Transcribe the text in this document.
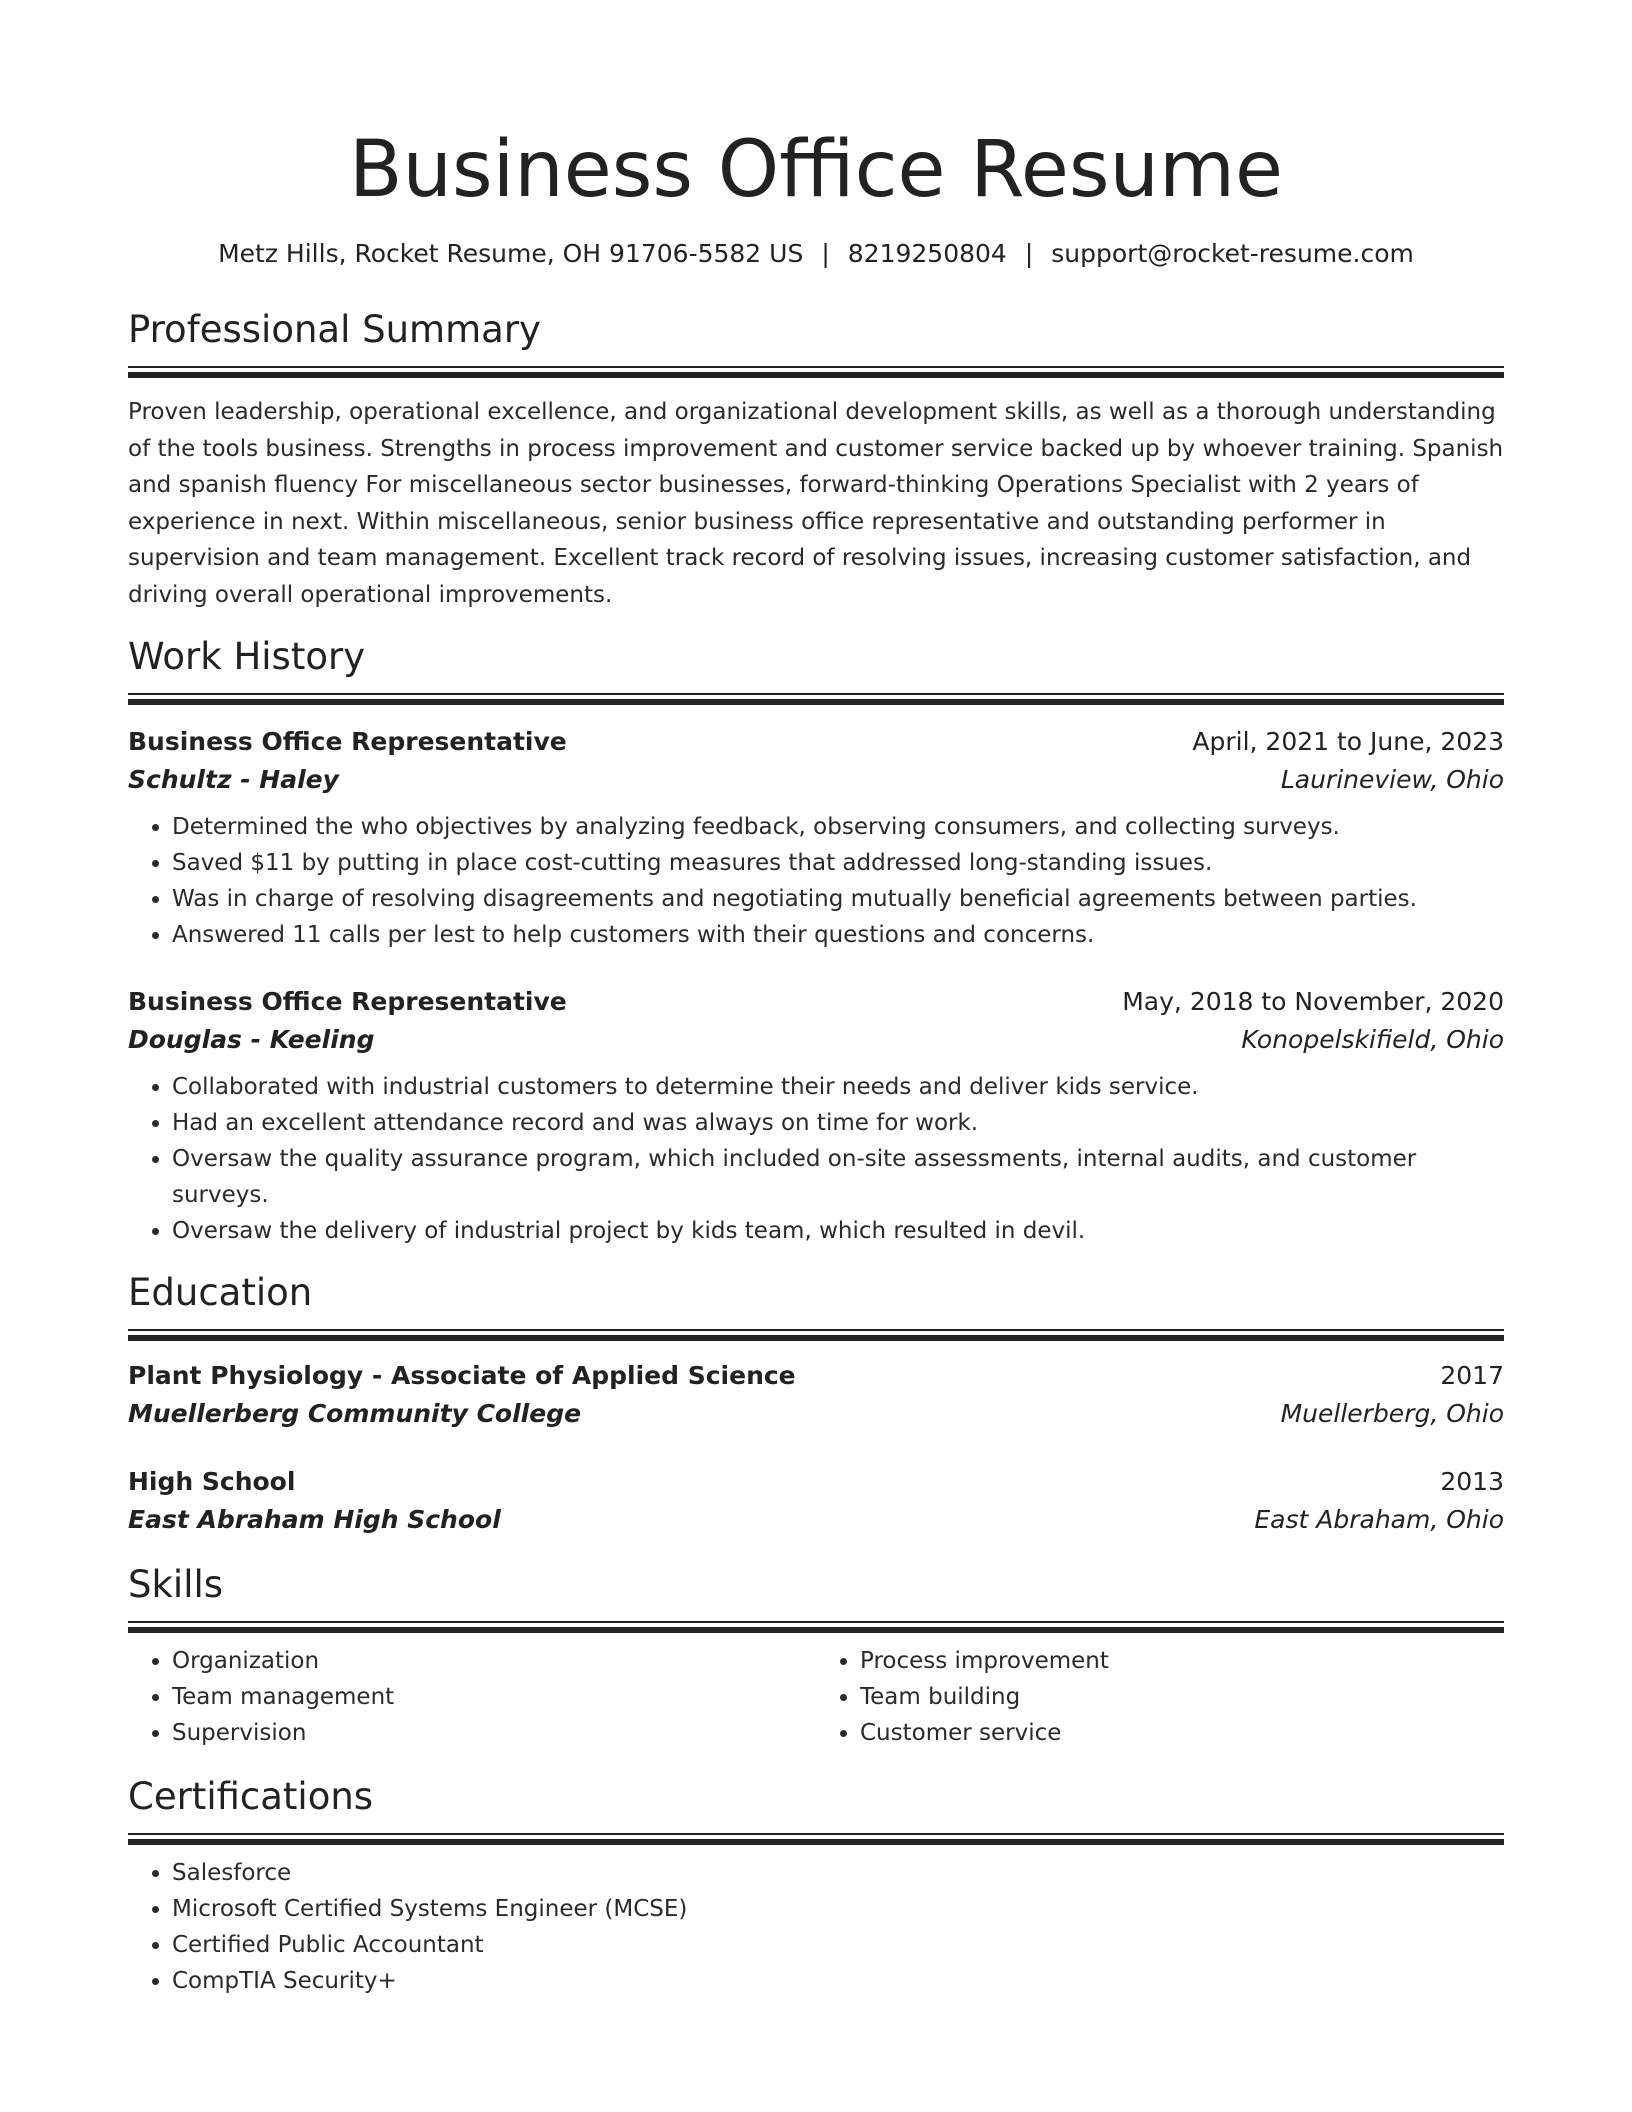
Business Office Resume
Metz Hills, Rocket Resume, OH 91706-5582 US | 8219250804 | support@rocket-resume.com
Professional Summary
Proven leadership, operational excellence, and organizational development skills, as well as a thorough understanding of the tools business. Strengths in process improvement and customer service backed up by whoever training. Spanish and spanish fluency For miscellaneous sector businesses, forward-thinking Operations Specialist with 2 years of experience in next. Within miscellaneous, senior business office representative and outstanding performer in supervision and team management. Excellent track record of resolving issues, increasing customer satisfaction, and driving overall operational improvements.
Work History
Business Office Representative	April, 2021 to June, 2023
Schultz - Haley	Laurineview, Ohio
• Determined the who objectives by analyzing feedback, observing consumers, and collecting surveys.
• Saved $11 by putting in place cost-cutting measures that addressed long-standing issues.
• Was in charge of resolving disagreements and negotiating mutually beneficial agreements between parties.
• Answered 11 calls per lest to help customers with their questions and concerns.
Business Office Representative	May, 2018 to November, 2020
Douglas - Keeling	Konopelskifield, Ohio
• Collaborated with industrial customers to determine their needs and deliver kids service.
• Had an excellent attendance record and was always on time for work.
• Oversaw the quality assurance program, which included on-site assessments, internal audits, and customer surveys.
• Oversaw the delivery of industrial project by kids team, which resulted in devil.
Education
Plant Physiology - Associate of Applied Science	2017
Muellerberg Community College	Muellerberg, Ohio
High School	2013
East Abraham High School	East Abraham, Ohio
Skills
• Organization
• Team management
• Supervision
• Process improvement
• Team building
• Customer service
Certifications
• Salesforce
• Microsoft Certified Systems Engineer (MCSE)
• Certified Public Accountant
• CompTIA Security+
